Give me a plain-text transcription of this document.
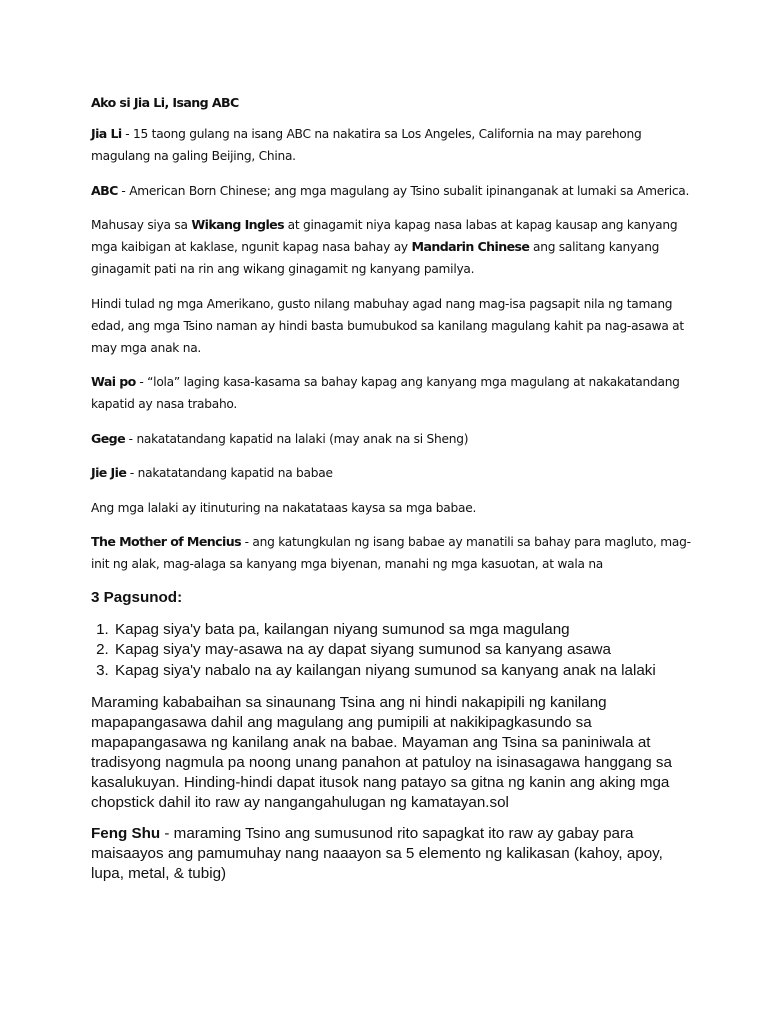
Ako si Jia Li, Isang ABC

Jia Li - 15 taong gulang na isang ABC na nakatira sa Los Angeles, California na may parehong magulang na galing Beijing, China.

ABC - American Born Chinese; ang mga magulang ay Tsino subalit ipinanganak at lumaki sa America.

Mahusay siya sa Wikang Ingles at ginagamit niya kapag nasa labas at kapag kausap ang kanyang mga kaibigan at kaklase, ngunit kapag nasa bahay ay Mandarin Chinese ang salitang kanyang ginagamit pati na rin ang wikang ginagamit ng kanyang pamilya.

Hindi tulad ng mga Amerikano, gusto nilang mabuhay agad nang mag-isa pagsapit nila ng tamang edad, ang mga Tsino naman ay hindi basta bumubukod sa kanilang magulang kahit pa nag-asawa at may mga anak na.

Wai po - “lola” laging kasa-kasama sa bahay kapag ang kanyang mga magulang at nakakatandang kapatid ay nasa trabaho.

Gege - nakatatandang kapatid na lalaki (may anak na si Sheng)

Jie Jie - nakatatandang kapatid na babae

Ang mga lalaki ay itinuturing na nakatataas kaysa sa mga babae.

The Mother of Mencius - ang katungkulan ng isang babae ay manatili sa bahay para magluto, mag-init ng alak, mag-alaga sa kanyang mga biyenan, manahi ng mga kasuotan, at wala na

3 Pagsunod:
1. Kapag siya'y bata pa, kailangan niyang sumunod sa mga magulang
2. Kapag siya'y may-asawa na ay dapat siyang sumunod sa kanyang asawa
3. Kapag siya'y nabalo na ay kailangan niyang sumunod sa kanyang anak na lalaki

Maraming kababaihan sa sinaunang Tsina ang ni hindi nakapipili ng kanilang mapapangasawa dahil ang magulang ang pumipili at nakikipagkasundo sa mapapangasawa ng kanilang anak na babae. Mayaman ang Tsina sa paniniwala at tradisyong nagmula pa noong unang panahon at patuloy na isinasagawa hanggang sa kasalukuyan. Hinding-hindi dapat itusok nang patayo sa gitna ng kanin ang aking mga chopstick dahil ito raw ay nangangahulugan ng kamatayan.sol

Feng Shu - maraming Tsino ang sumusunod rito sapagkat ito raw ay gabay para maisaayos ang pamumuhay nang naaayon sa 5 elemento ng kalikasan (kahoy, apoy, lupa, metal, & tubig)
